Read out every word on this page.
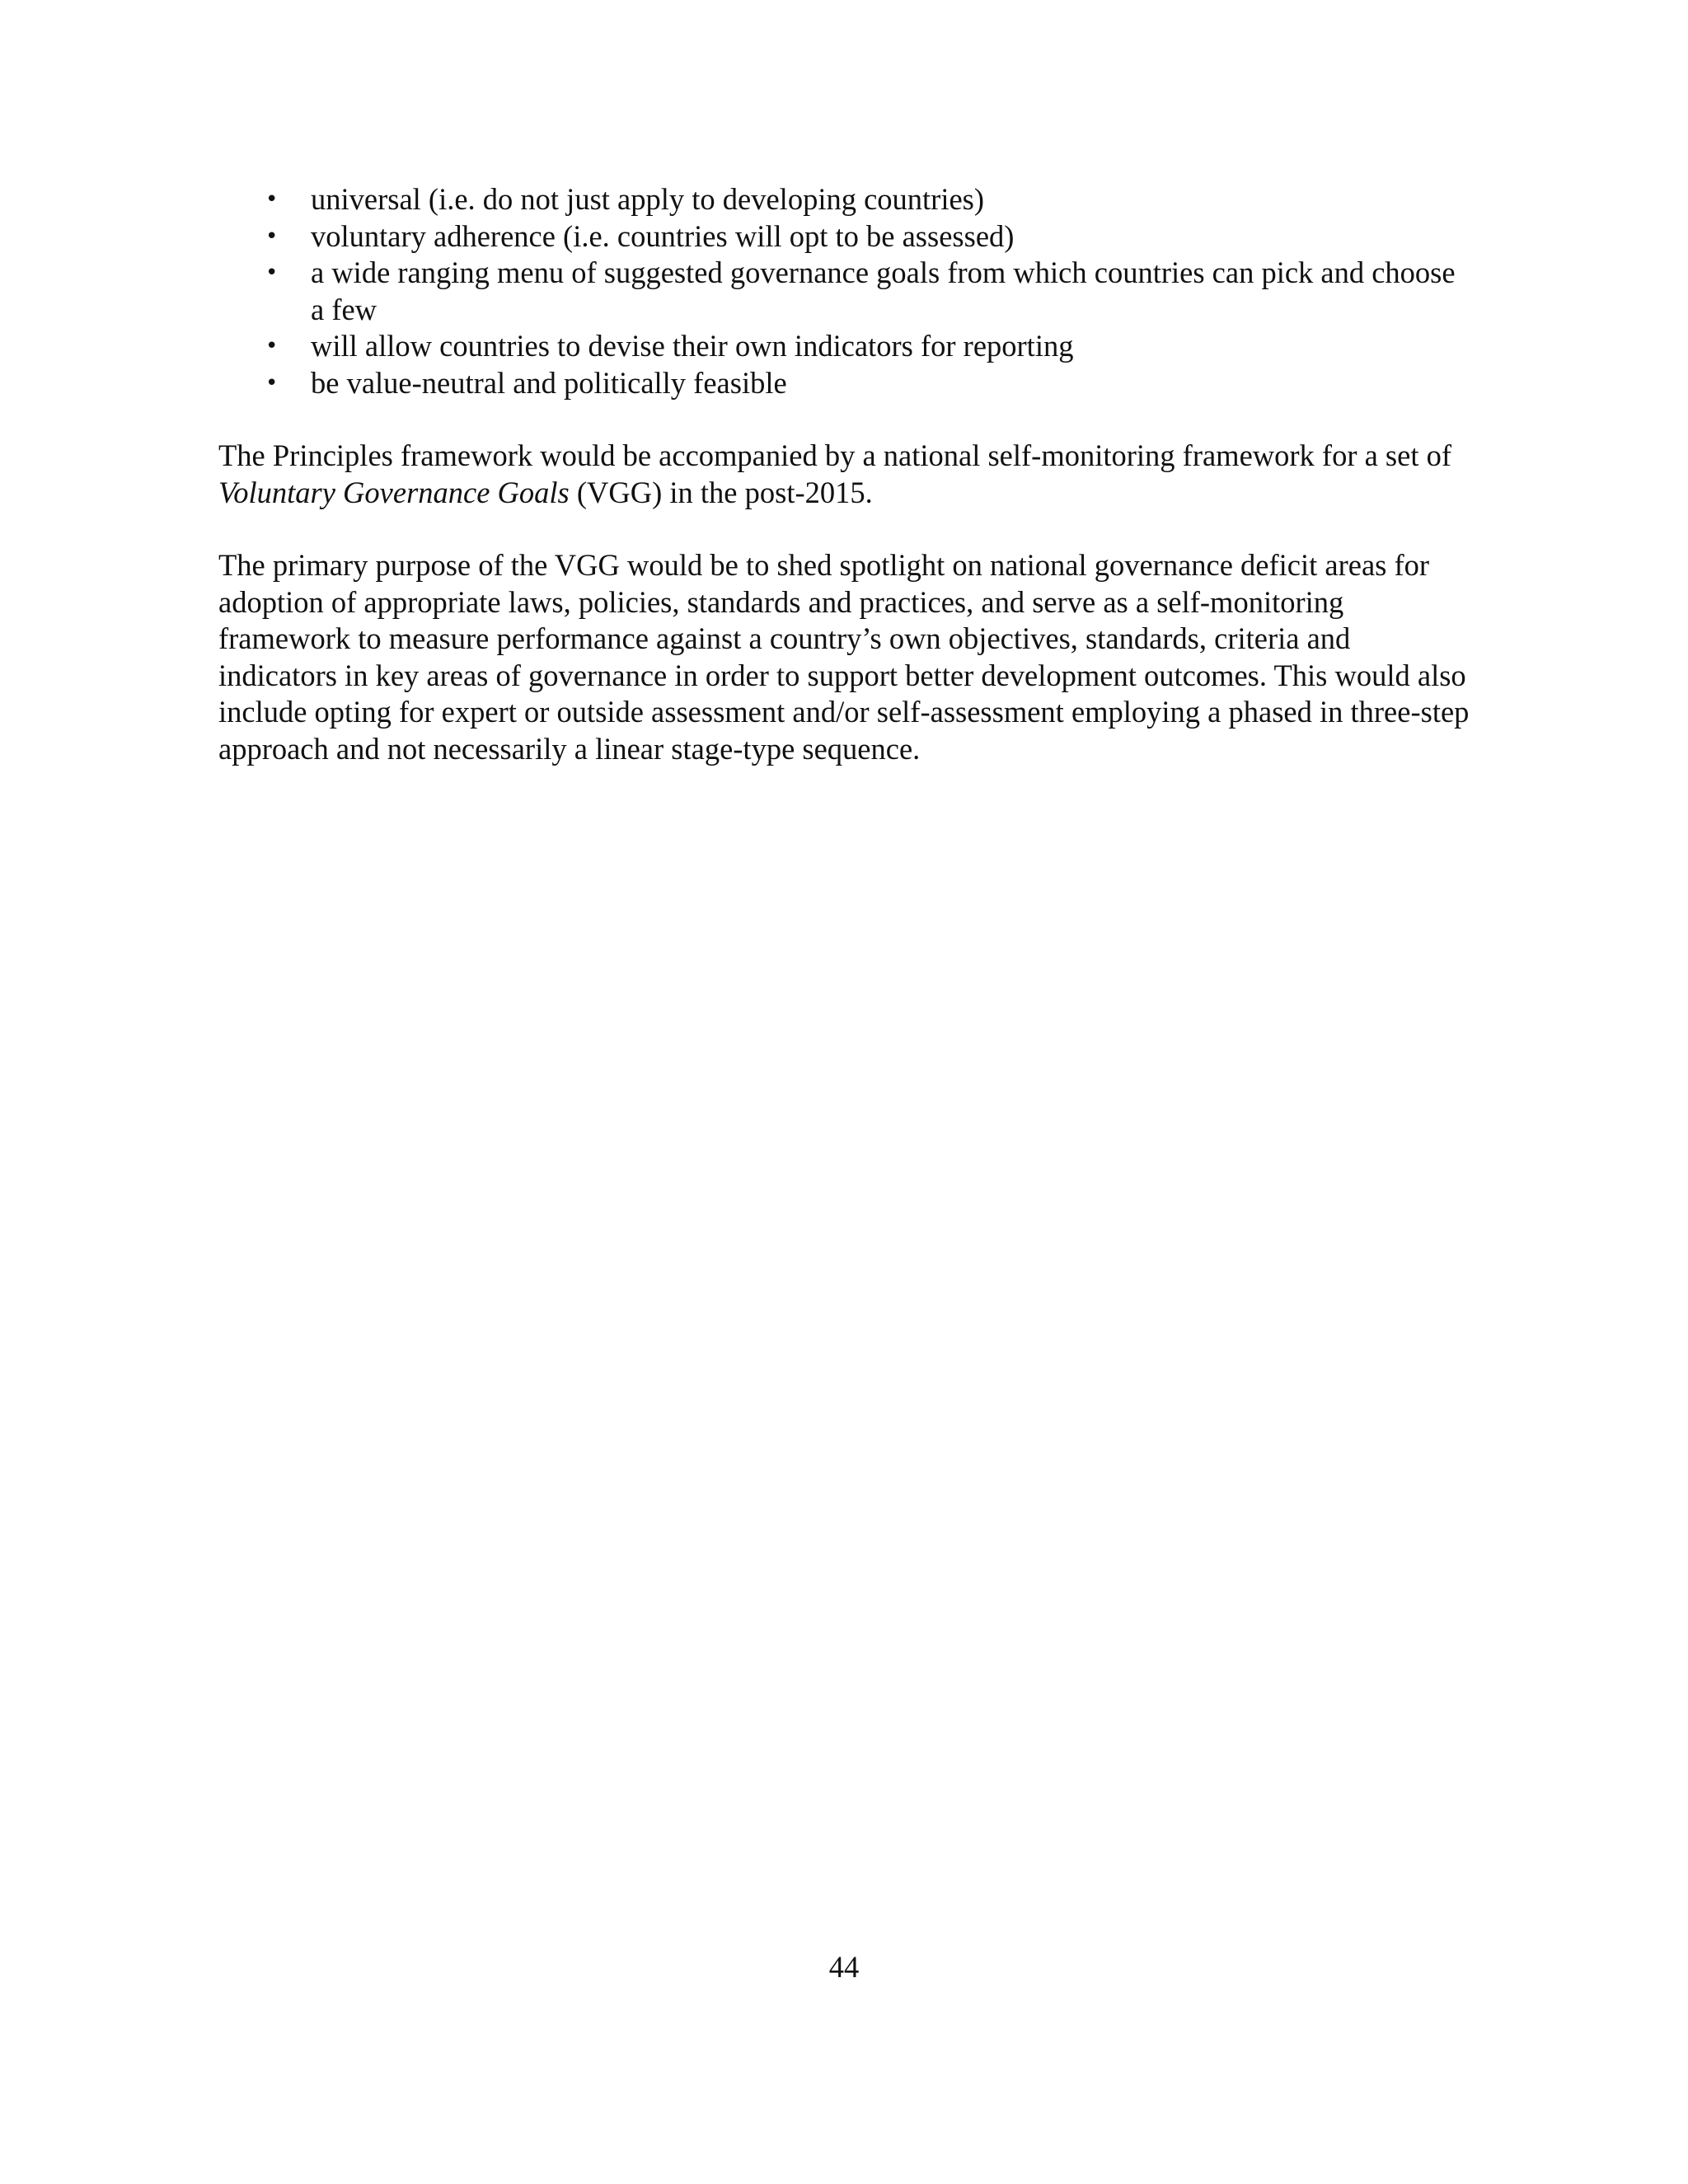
• universal (i.e. do not just apply to developing countries)
• voluntary adherence (i.e. countries will opt to be assessed)
• a wide ranging menu of suggested governance goals from which countries can pick and choose a few
• will allow countries to devise their own indicators for reporting
• be value-neutral and politically feasible

The Principles framework would be accompanied by a national self-monitoring framework for a set of Voluntary Governance Goals (VGG) in the post-2015.

The primary purpose of the VGG would be to shed spotlight on national governance deficit areas for adoption of appropriate laws, policies, standards and practices, and serve as a self-monitoring framework to measure performance against a country’s own objectives, standards, criteria and indicators in key areas of governance in order to support better development outcomes. This would also include opting for expert or outside assessment and/or self-assessment employing a phased in three-step approach and not necessarily a linear stage-type sequence.

44
